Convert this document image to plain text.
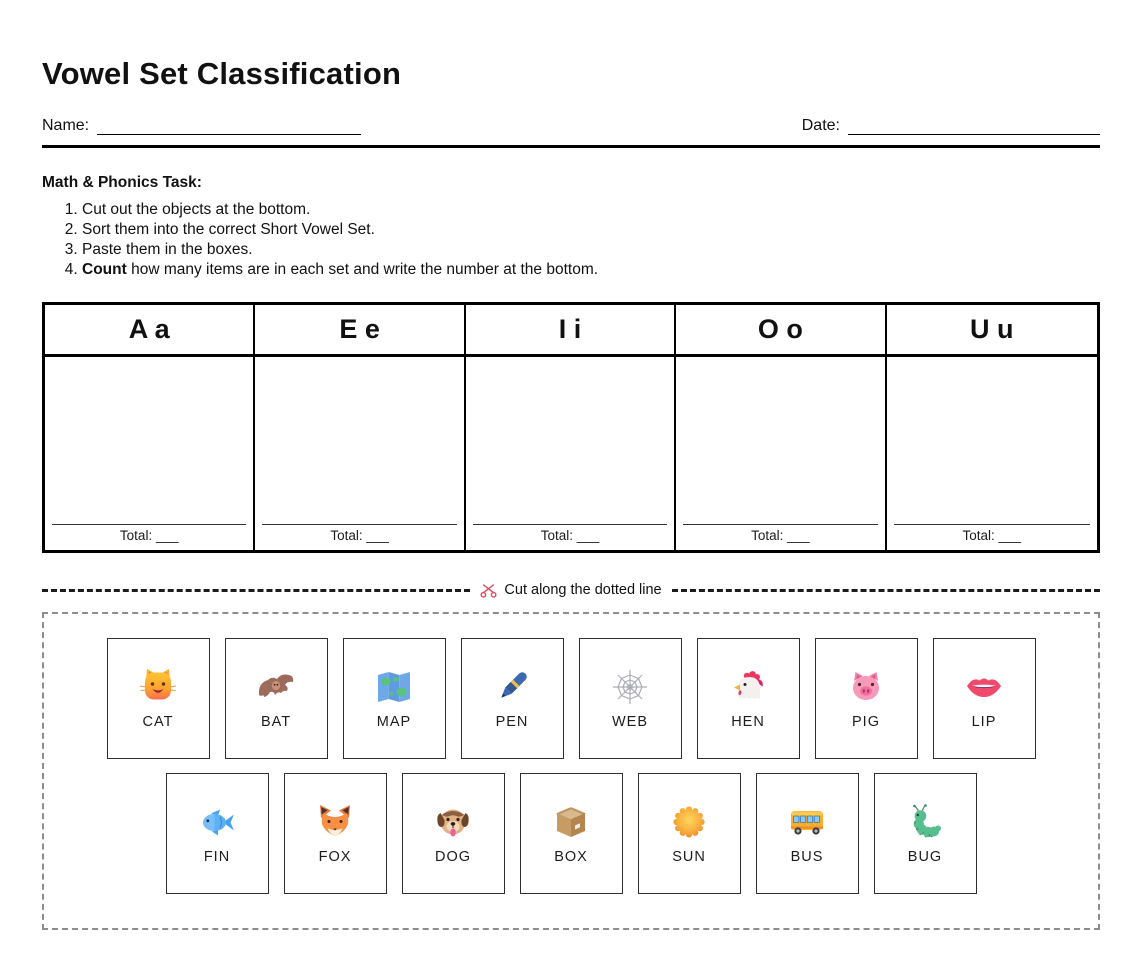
Vowel Set Classification
Name:	Date:
Math & Phonics Task:
1. Cut out the objects at the bottom.
2. Sort them into the correct Short Vowel Set.
3. Paste them in the boxes.
4. Count how many items are in each set and write the number at the bottom.
A a	E e	I i	O o	U u
Total: ___	Total: ___	Total: ___	Total: ___	Total: ___
Cut along the dotted line
CAT	BAT	MAP	PEN	WEB	HEN	PIG	LIP
FIN	FOX	DOG	BOX	SUN	BUS	BUG
